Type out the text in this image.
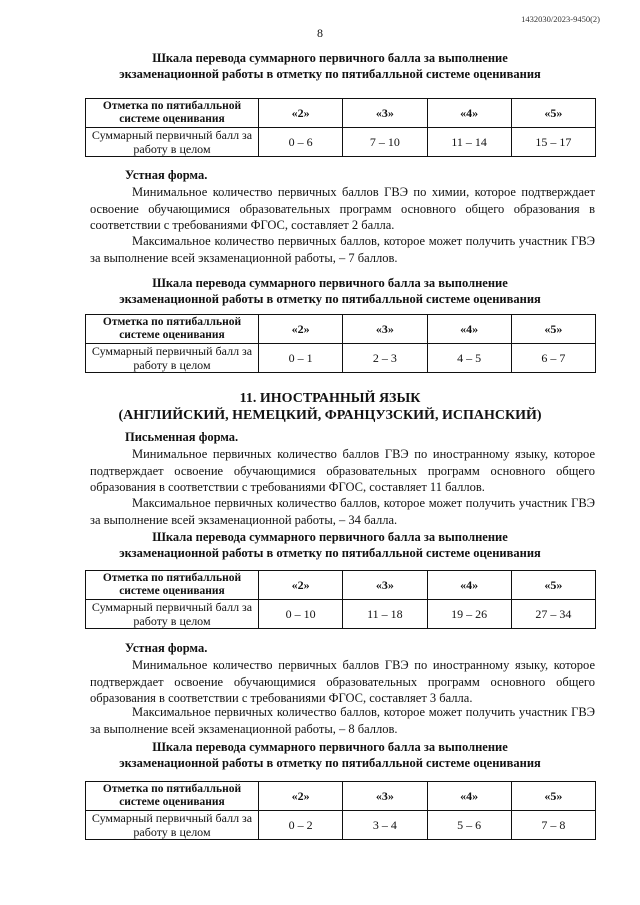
1432030/2023-9450(2)
8
Шкала перевода суммарного первичного балла за выполнение
экзаменационной работы в отметку по пятибалльной системе оценивания
Отметка по пятибалльной системе оценивания	«2»	«3»	«4»	«5»
Суммарный первичный балл за работу в целом	0 – 6	7 – 10	11 – 14	15 – 17
Устная форма.
Минимальное количество первичных баллов ГВЭ по химии, которое подтверждает освоение обучающимися образовательных программ основного общего образования в соответствии с требованиями ФГОС, составляет 2 балла.
Максимальное количество первичных баллов, которое может получить участник ГВЭ за выполнение всей экзаменационной работы, – 7 баллов.
Шкала перевода суммарного первичного балла за выполнение
экзаменационной работы в отметку по пятибалльной системе оценивания
Отметка по пятибалльной системе оценивания	«2»	«3»	«4»	«5»
Суммарный первичный балл за работу в целом	0 – 1	2 – 3	4 – 5	6 – 7
11. ИНОСТРАННЫЙ ЯЗЫК
(АНГЛИЙСКИЙ, НЕМЕЦКИЙ, ФРАНЦУЗСКИЙ, ИСПАНСКИЙ)
Письменная форма.
Минимальное первичных количество баллов ГВЭ по иностранному языку, которое подтверждает освоение обучающимися образовательных программ основного общего образования в соответствии с требованиями ФГОС, составляет 11 баллов.
Максимальное первичных количество баллов, которое может получить участник ГВЭ за выполнение всей экзаменационной работы, – 34 балла.
Шкала перевода суммарного первичного балла за выполнение
экзаменационной работы в отметку по пятибалльной системе оценивания
Отметка по пятибалльной системе оценивания	«2»	«3»	«4»	«5»
Суммарный первичный балл за работу в целом	0 – 10	11 – 18	19 – 26	27 – 34
Устная форма.
Минимальное количество первичных баллов ГВЭ по иностранному языку, которое подтверждает освоение обучающимися образовательных программ основного общего образования в соответствии с требованиями ФГОС, составляет 3 балла.
Максимальное первичных количество баллов, которое может получить участник ГВЭ за выполнение всей экзаменационной работы, – 8 баллов.
Шкала перевода суммарного первичного балла за выполнение
экзаменационной работы в отметку по пятибалльной системе оценивания
Отметка по пятибалльной системе оценивания	«2»	«3»	«4»	«5»
Суммарный первичный балл за работу в целом	0 – 2	3 – 4	5 – 6	7 – 8
